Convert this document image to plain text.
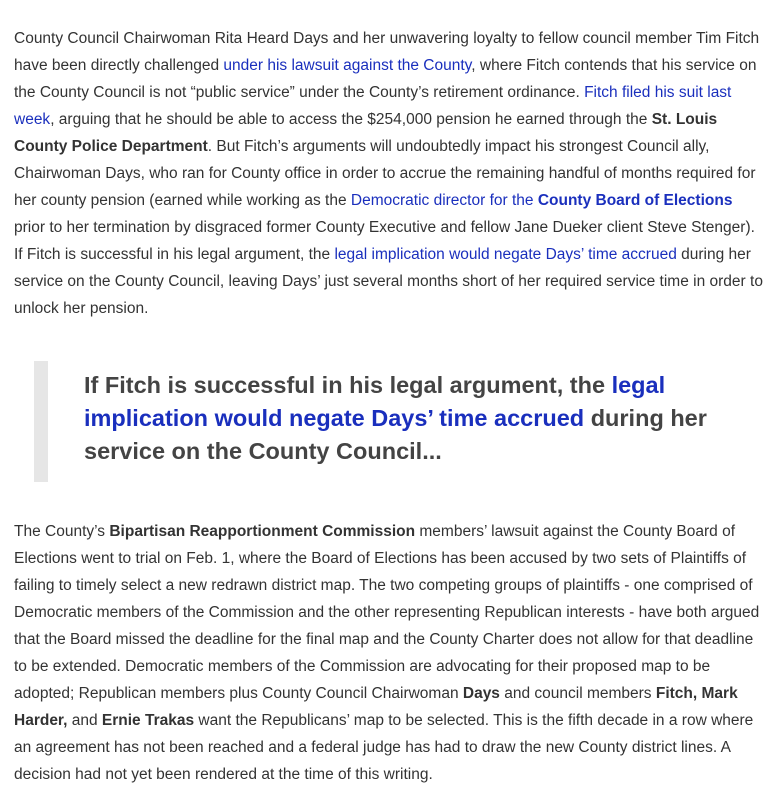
County Council Chairwoman Rita Heard Days and her unwavering loyalty to fellow council member Tim Fitch have been directly challenged under his lawsuit against the County, where Fitch contends that his service on the County Council is not “public service” under the County’s retirement ordinance. Fitch filed his suit last week, arguing that he should be able to access the $254,000 pension he earned through the St. Louis County Police Department. But Fitch’s arguments will undoubtedly impact his strongest Council ally, Chairwoman Days, who ran for County office in order to accrue the remaining handful of months required for her county pension (earned while working as the Democratic director for the County Board of Elections prior to her termination by disgraced former County Executive and fellow Jane Dueker client Steve Stenger). If Fitch is successful in his legal argument, the legal implication would negate Days’ time accrued during her service on the County Council, leaving Days’ just several months short of her required service time in order to unlock her pension.

If Fitch is successful in his legal argument, the legal implication would negate Days’ time accrued during her service on the County Council...

The County’s Bipartisan Reapportionment Commission members’ lawsuit against the County Board of Elections went to trial on Feb. 1, where the Board of Elections has been accused by two sets of Plaintiffs of failing to timely select a new redrawn district map. The two competing groups of plaintiffs - one comprised of Democratic members of the Commission and the other representing Republican interests - have both argued that the Board missed the deadline for the final map and the County Charter does not allow for that deadline to be extended. Democratic members of the Commission are advocating for their proposed map to be adopted; Republican members plus County Council Chairwoman Days and council members Fitch, Mark Harder, and Ernie Trakas want the Republicans’ map to be selected. This is the fifth decade in a row where an agreement has not been reached and a federal judge has had to draw the new County district lines. A decision had not yet been rendered at the time of this writing.
